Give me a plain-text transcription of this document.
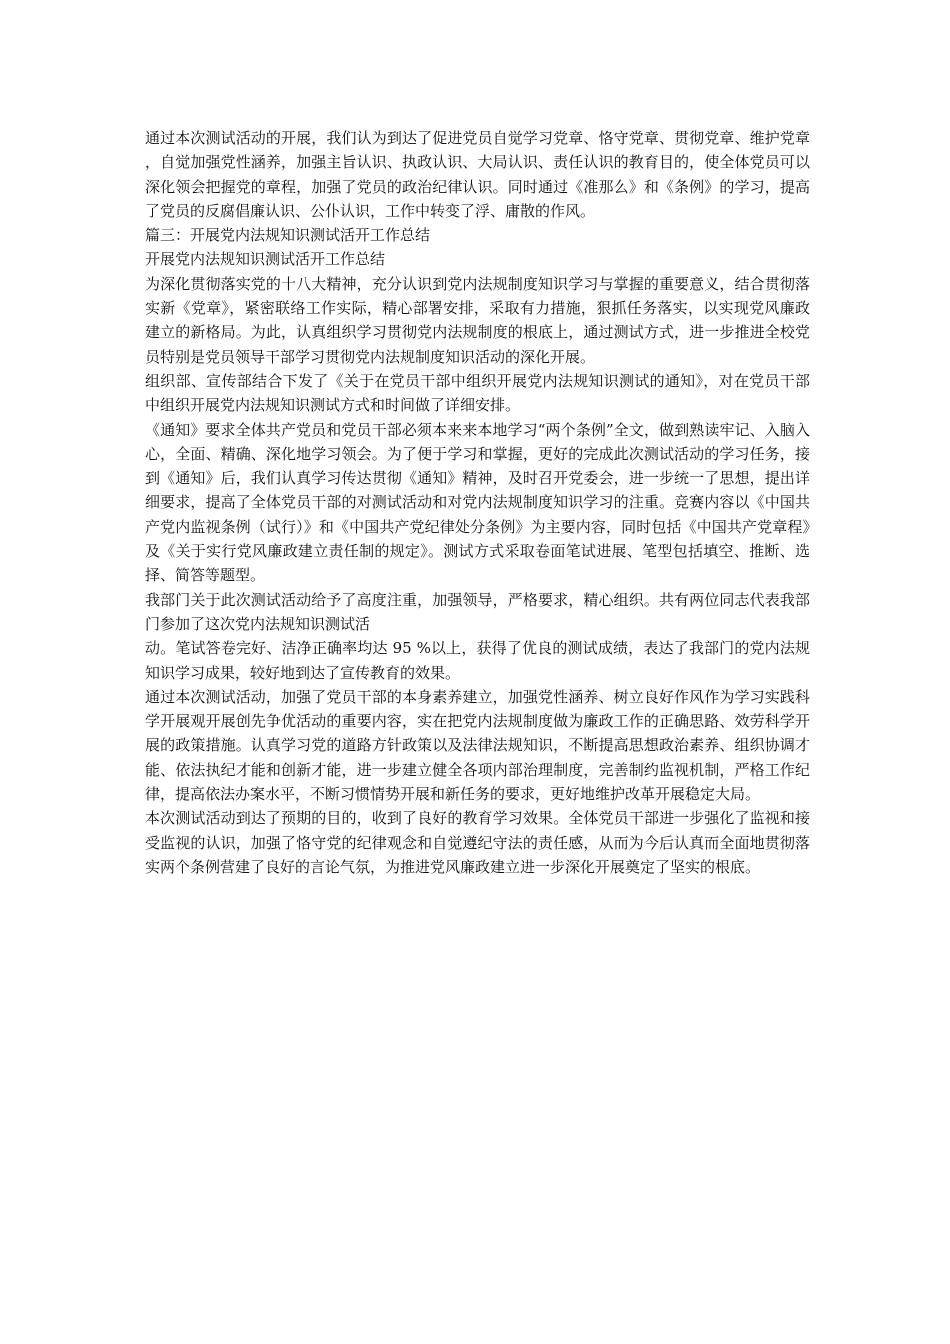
通过本次测试活动的开展，我们认为到达了促进党员自觉学习党章、恪守党章、贯彻党章、维护党章，自觉加强党性涵养，加强主旨认识、执政认识、大局认识、责任认识的教育目的，使全体党员可以深化领会把握党的章程，加强了党员的政治纪律认识。同时通过《准那么》和《条例》的学习，提高了党员的反腐倡廉认识、公仆认识，工作中转变了浮、庸散的作风。

篇三：开展党内法规知识测试活开工作总结

开展党内法规知识测试活开工作总结

为深化贯彻落实党的十八大精神，充分认识到党内法规制度知识学习与掌握的重要意义，结合贯彻落实新《党章》，紧密联络工作实际，精心部署安排，采取有力措施，狠抓任务落实，以实现党风廉政建立的新格局。为此，认真组织学习贯彻党内法规制度的根底上，通过测试方式，进一步推进全校党员特别是党员领导干部学习贯彻党内法规制度知识活动的深化开展。

组织部、宣传部结合下发了《关于在党员干部中组织开展党内法规知识测试的通知》，对在党员干部中组织开展党内法规知识测试方式和时间做了详细安排。

《通知》要求全体共产党员和党员干部必须本来来本地学习“两个条例”全文，做到熟读牢记、入脑入心，全面、精确、深化地学习领会。为了便于学习和掌握，更好的完成此次测试活动的学习任务，接到《通知》后，我们认真学习传达贯彻《通知》精神，及时召开党委会，进一步统一了思想，提出详细要求，提高了全体党员干部的对测试活动和对党内法规制度知识学习的注重。竞赛内容以《中国共产党内监视条例（试行）》和《中国共产党纪律处分条例》为主要内容，同时包括《中国共产党章程》及《关于实行党风廉政建立责任制的规定》。测试方式采取卷面笔试进展、笔型包括填空、推断、选择、简答等题型。

我部门关于此次测试活动给予了高度注重，加强领导，严格要求，精心组织。共有两位同志代表我部门参加了这次党内法规知识测试活

动。笔试答卷完好、洁净正确率均达 95 %以上，获得了优良的测试成绩，表达了我部门的党内法规知识学习成果，较好地到达了宣传教育的效果。

通过本次测试活动，加强了党员干部的本身素养建立，加强党性涵养、树立良好作风作为学习实践科学开展观开展创先争优活动的重要内容，实在把党内法规制度做为廉政工作的正确思路、效劳科学开展的政策措施。认真学习党的道路方针政策以及法律法规知识，不断提高思想政治素养、组织协调才能、依法执纪才能和创新才能，进一步建立健全各项内部治理制度，完善制约监视机制，严格工作纪律，提高依法办案水平，不断习惯情势开展和新任务的要求，更好地维护改革开展稳定大局。

本次测试活动到达了预期的目的，收到了良好的教育学习效果。全体党员干部进一步强化了监视和接受监视的认识，加强了恪守党的纪律观念和自觉遵纪守法的责任感，从而为今后认真而全面地贯彻落实两个条例营建了良好的言论气氛，为推进党风廉政建立进一步深化开展奠定了坚实的根底。
